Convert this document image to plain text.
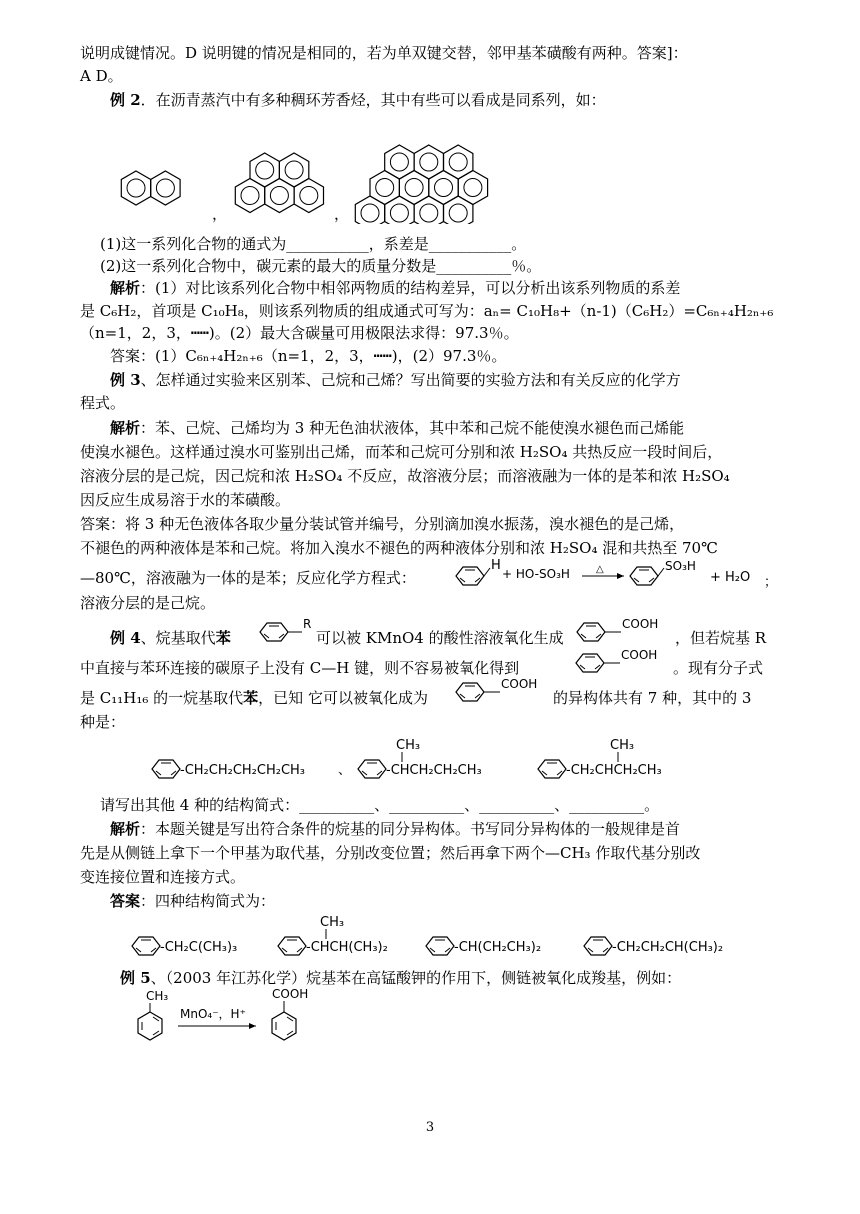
说明成键情况。D 说明键的情况是相同的，若为单双键交替，邻甲基苯磺酸有两种。答案]：
A D。
例 2．在沥青蒸汽中有多种稠环芳香烃，其中有些可以看成是同系列，如：
，	，
(1)这一系列化合物的通式为___________，系差是___________。
(2)这一系列化合物中，碳元素的最大的质量分数是__________％。
解析：(1）对比该系列化合物中相邻两物质的结构差异，可以分析出该系列物质的系差
是 C₆H₂，首项是 C₁₀H₈，则该系列物质的组成通式可写为：aₙ= C₁₀H₈+（n-1)（C₆H₂）=C₆ₙ₊₄H₂ₙ₊₆
（n=1，2，3，┅┅)。(2）最大含碳量可用极限法求得：97.3％。
答案：(1）C₆ₙ₊₄H₂ₙ₊₆（n=1，2，3，┅┅)，(2）97.3％。
例 3、怎样通过实验来区别苯、己烷和己烯？写出简要的实验方法和有关反应的化学方
程式。
解析：苯、己烷、己烯均为 3 种无色油状液体，其中苯和己烷不能使溴水褪色而己烯能
使溴水褪色。这样通过溴水可鉴别出己烯，而苯和己烷可分别和浓 H₂SO₄ 共热反应一段时间后，
溶液分层的是己烷，因己烷和浓 H₂SO₄ 不反应，故溶液分层；而溶液融为一体的是苯和浓 H₂SO₄
因反应生成易溶于水的苯磺酸。
答案：将 3 种无色液体各取少量分装试管并编号，分别滴加溴水振荡，溴水褪色的是己烯，
不褪色的两种液体是苯和己烷。将加入溴水不褪色的两种液体分别和浓 H₂SO₄ 混和共热至 70℃
—80℃，溶液融为一体的是苯；反应化学方程式：
H
+ HO-SO₃H	△	SO₃H
+ H₂O ；
溶液分层的是己烷。
例 4、烷基取代苯
R
可以被 KMnO4 的酸性溶液氧化生成
COOH
，但若烷基 R
中直接与苯环连接的碳原子上没有 C—H 键，则不容易被氧化得到
COOH
。现有分子式
是 C₁₁H₁₆ 的一烷基取代苯，已知 它可以被氧化成为
COOH
的异构体共有 7 种，其中的 3
种是：
-CH₂CH₂CH₂CH₂CH₃	、
CH₃
-CHCH₂CH₂CH₃
CH₃
-CH₂CHCH₂CH₃
请写出其他 4 种的结构简式：__________、__________、__________、__________。
解析：本题关键是写出符合条件的烷基的同分异构体。书写同分异构体的一般规律是首
先是从侧链上拿下一个甲基为取代基，分别改变位置；然后再拿下两个—CH₃ 作取代基分别改
变连接位置和连接方式。
答案：四种结构简式为：
-CH₂C(CH₃)₃
CH₃
-CHCH(CH₃)₂	-CH(CH₂CH₃)₂	-CH₂CH₂CH(CH₃)₂
例 5、（2003 年江苏化学）烷基苯在高锰酸钾的作用下，侧链被氧化成羧基，例如：
CH₃
MnO₄⁻，H⁺
COOH
3
